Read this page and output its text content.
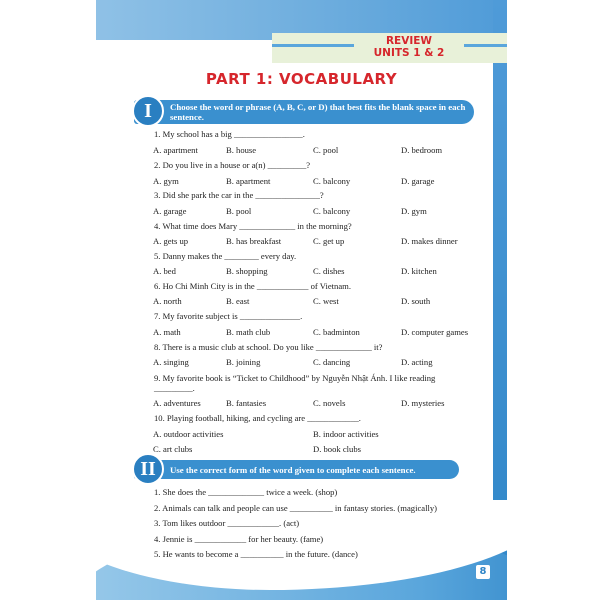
REVIEW
UNITS 1 & 2
PART 1: VOCABULARY
I	Choose the word or phrase (A, B, C, or D) that best fits the blank space in each sentence.
1. My school has a big ________________.
A. apartment	B. house	C. pool	D. bedroom
2. Do you live in a house or a(n) _________?
A. gym	B. apartment	C. balcony	D. garage
3. Did she park the car in the _______________?
A. garage	B. pool	C. balcony	D. gym
4. What time does Mary _____________ in the morning?
A. gets up	B. has breakfast	C. get up	D. makes dinner
5. Danny makes the ________ every day.
A. bed	B. shopping	C. dishes	D. kitchen
6. Ho Chi Minh City is in the ____________ of Vietnam.
A. north	B. east	C. west	D. south
7. My favorite subject is ______________.
A. math	B. math club	C. badminton	D. computer games
8. There is a music club at school. Do you like _____________ it?
A. singing	B. joining	C. dancing	D. acting
9. My favorite book is “Ticket to Childhood” by Nguyễn Nhật Ánh. I like reading
_________.
A. adventures	B. fantasies	C. novels	D. mysteries
10. Playing football, hiking, and cycling are ____________.
A. outdoor activities	B. indoor activities
C. art clubs	D. book clubs
II	Use the correct form of the word given to complete each sentence.
1. She does the _____________ twice a week. (shop)
2. Animals can talk and people can use __________ in fantasy stories. (magically)
3. Tom likes outdoor ____________. (act)
4. Jennie is ____________ for her beauty. (fame)
5. He wants to become a __________ in the future. (dance)
8
